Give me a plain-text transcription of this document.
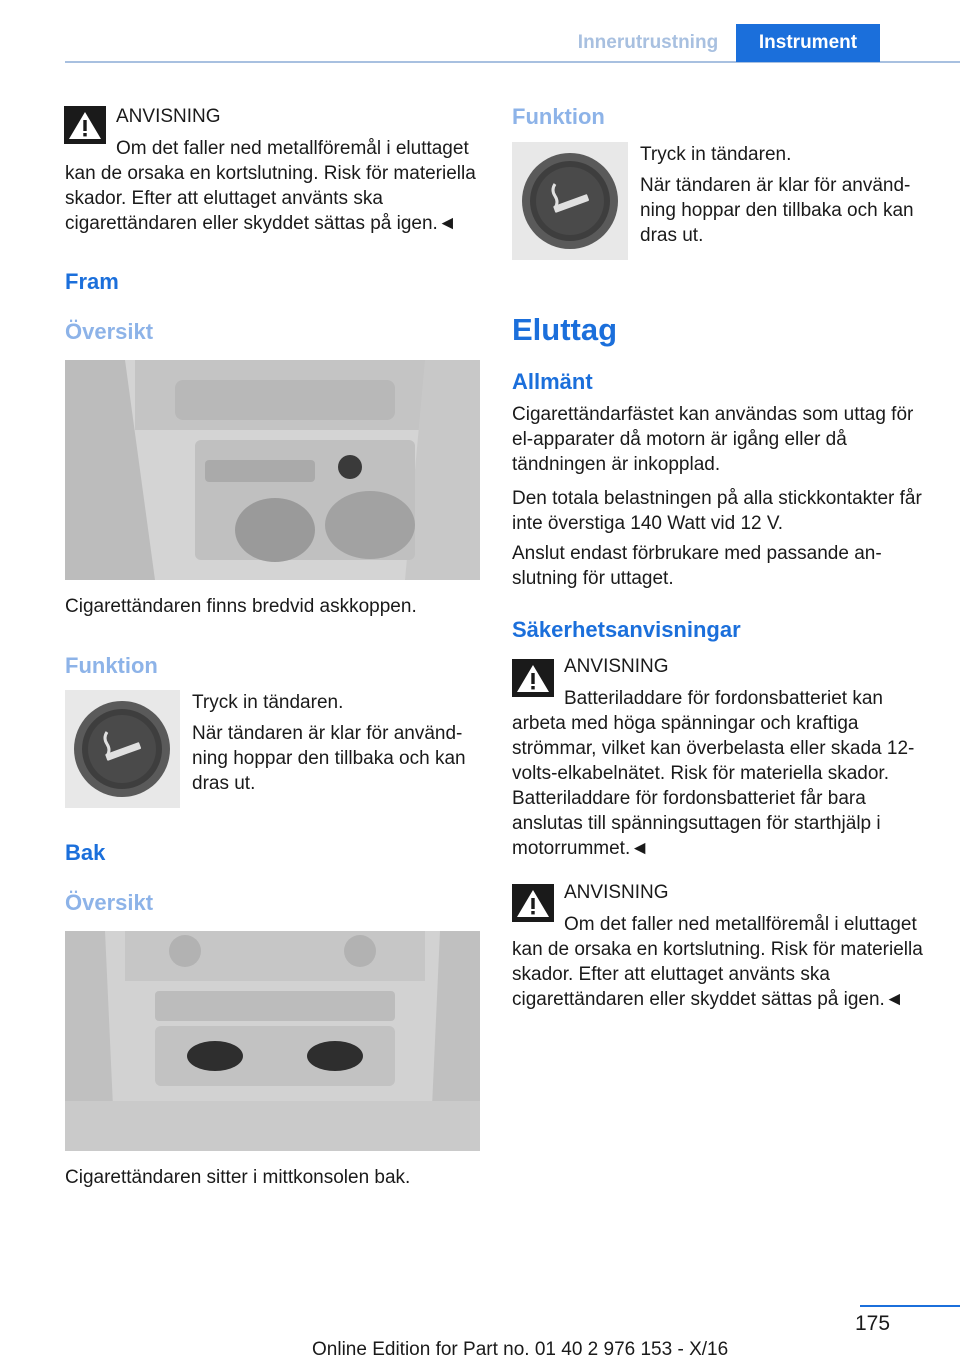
Innerutrustning	Instrument
ANVISNING
Om det faller ned metallföremål i eluttaget kan de orsaka en kortslutning. Risk för materiella skador. Efter att eluttaget använts ska cigarettändaren eller skyddet sättas på igen.◄
Fram
Översikt
Cigarettändaren finns bredvid askkoppen.
Funktion
Tryck in tändaren.
När tändaren är klar för användning hoppar den tillbaka och kan dras ut.
Bak
Översikt
Cigarettändaren sitter i mittkonsolen bak.
Funktion
Tryck in tändaren.
När tändaren är klar för användning hoppar den tillbaka och kan dras ut.
Eluttag
Allmänt
Cigarettändarfästet kan användas som uttag för el-apparater då motorn är igång eller då tändningen är inkopplad.
Den totala belastningen på alla stickkontakter får inte överstiga 140 Watt vid 12 V.
Anslut endast förbrukare med passande anslutning för uttaget.
Säkerhetsanvisningar
ANVISNING
Batteriladdare för fordonsbatteriet kan arbeta med höga spänningar och kraftiga strömmar, vilket kan överbelasta eller skada 12-volts-elkabelnätet. Risk för materiella skador. Batteriladdare för fordonsbatteriet får bara anslutas till spänningsuttagen för starthjälp i motorrummet.◄
ANVISNING
Om det faller ned metallföremål i eluttaget kan de orsaka en kortslutning. Risk för materiella skador. Efter att eluttaget använts ska cigarettändaren eller skyddet sättas på igen.◄
175
Online Edition for Part no. 01 40 2 976 153 - X/16
